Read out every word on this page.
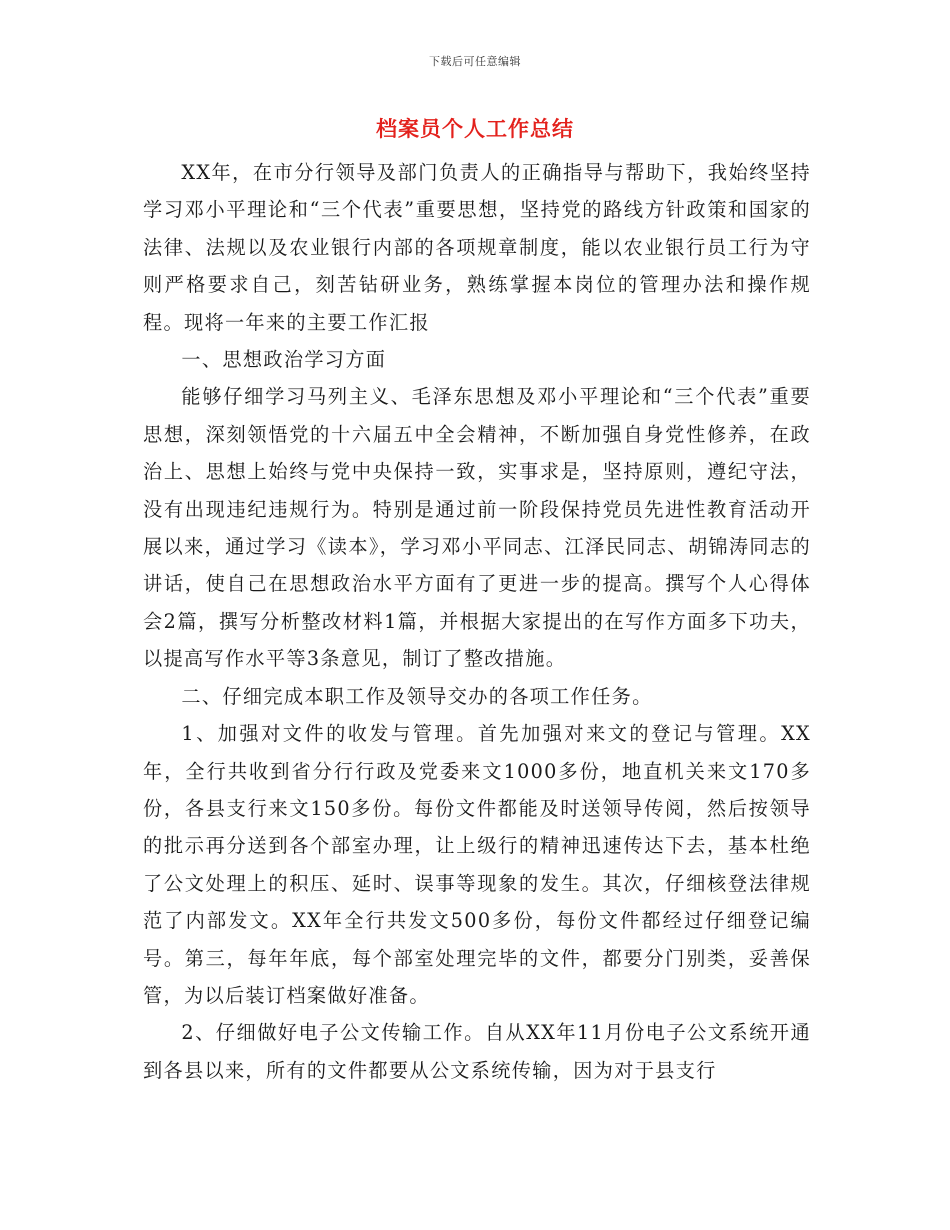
下载后可任意编辑
档案员个人工作总结

XX年，在市分行领导及部门负责人的正确指导与帮助下，我始终坚持学习邓小平理论和“三个代表”重要思想，坚持党的路线方针政策和国家的法律、法规以及农业银行内部的各项规章制度，能以农业银行员工行为守则严格要求自己，刻苦钻研业务，熟练掌握本岗位的管理办法和操作规程。现将一年来的主要工作汇报

一、思想政治学习方面

能够仔细学习马列主义、毛泽东思想及邓小平理论和“三个代表”重要思想，深刻领悟党的十六届五中全会精神，不断加强自身党性修养，在政治上、思想上始终与党中央保持一致，实事求是，坚持原则，遵纪守法，没有出现违纪违规行为。特别是通过前一阶段保持党员先进性教育活动开展以来，通过学习《读本》，学习邓小平同志、江泽民同志、胡锦涛同志的讲话，使自己在思想政治水平方面有了更进一步的提高。撰写个人心得体会2篇，撰写分析整改材料1篇，并根据大家提出的在写作方面多下功夫，以提高写作水平等3条意见，制订了整改措施。

二、仔细完成本职工作及领导交办的各项工作任务。

1、加强对文件的收发与管理。首先加强对来文的登记与管理。XX年，全行共收到省分行行政及党委来文1000多份，地直机关来文170多份，各县支行来文150多份。每份文件都能及时送领导传阅，然后按领导的批示再分送到各个部室办理，让上级行的精神迅速传达下去，基本杜绝了公文处理上的积压、延时、误事等现象的发生。其次，仔细核登法律规范了内部发文。XX年全行共发文500多份，每份文件都经过仔细登记编号。第三，每年年底，每个部室处理完毕的文件，都要分门别类，妥善保管，为以后装订档案做好准备。

2、仔细做好电子公文传输工作。自从XX年11月份电子公文系统开通到各县以来，所有的文件都要从公文系统传输，因为对于县支行
